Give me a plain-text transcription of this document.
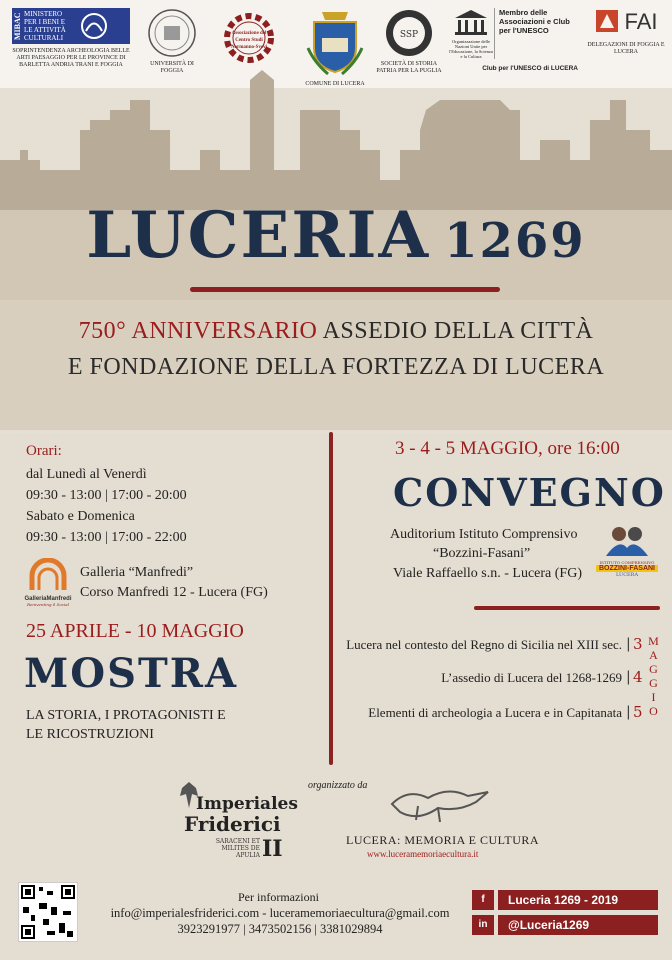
MIBAC MINISTERO PER I BENI E LE ATTIVITÀ CULTURALI
SOPRINTENDENZA ARCHEOLOGIA BELLE ARTI PAESAGGIO PER LE PROVINCE DI BARLETTA ANDRIA TRANI E FOGGIA	UNIVERSITÀ DI FOGGIA
Associazione del Centro Studi Normanno-Svevi
COMUNE DI LUCERA
SSP
SOCIETÀ DI STORIA PATRIA PER LA PUGLIA
Organizzazione delle Nazioni Unite per l'Educazione, la Scienza e la Cultura
Membro delle Associazioni e Club per l'UNESCO
Club per l'UNESCO di LUCERA
FAI
DELEGAZIONI DI FOGGIA E LUCERA
LUCERIA 1269
750° ANNIVERSARIO ASSEDIO DELLA CITTÀ
E FONDAZIONE DELLA FORTEZZA DI LUCERA
Orari:
dal Lunedì al Venerdì
09:30 - 13:00 | 17:00 - 20:00
Sabato e Domenica
09:30 - 13:00 | 17:00 - 22:00
GalleriaManfredi
Reinventing il Social
Galleria “Manfredi”
Corso Manfredi 12 - Lucera (FG)
25 APRILE - 10 MAGGIO
MOSTRA
LA STORIA, I PROTAGONISTI E
LE RICOSTRUZIONI
3 - 4 - 5 MAGGIO, ore 16:00
CONVEGNO
Auditorium Istituto Comprensivo
“Bozzini-Fasani”
Viale Raffaello s.n. - Lucera (FG)
ISTITUTO COMPRENSIVO
BOZZINI-FASANI
LUCERA
Lucera nel contesto del Regno di Sicilia nel XIII sec. | 3
L’assedio di Lucera del 1268-1269 | 4
Elementi di archeologia a Lucera e in Capitanata | 5
M
A
G
G
I
O
organizzato da
Imperiales
Friderici
SARACENI ET MILITES DE APULIA II	LUCERA: MEMORIA E CULTURA
www.luceramemoriaecultura.it
Per informazioni
info@imperialesfriderici.com - luceramemoriaecultura@gmail.com
3923291977 | 3473502156 | 3381029894
f	Luceria 1269 - 2019
in	@Luceria1269
